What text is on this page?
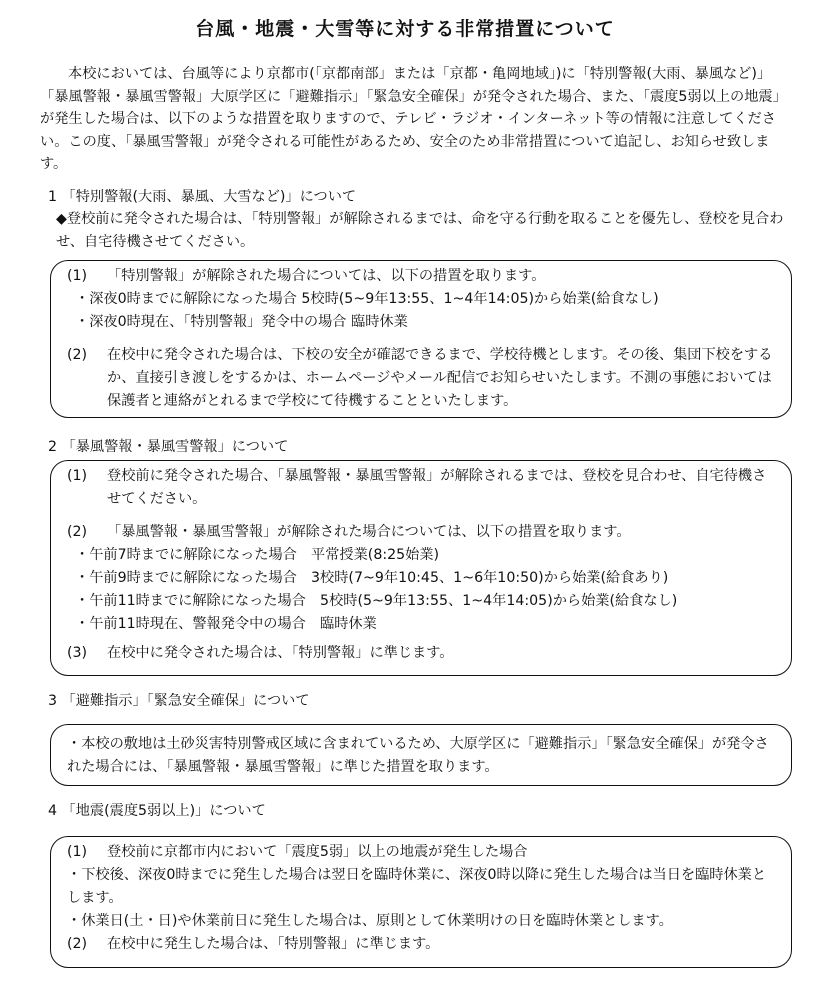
台風・地震・大雪等に対する非常措置について
本校においては、台風等により京都市(「京都南部」または「京都・亀岡地域」)に「特別警報(大雨、暴風など)」「暴風警報・暴風雪警報」大原学区に「避難指示」「緊急安全確保」が発令された場合、また、「震度5弱以上の地震」が発生した場合は、以下のような措置を取りますので、テレビ・ラジオ・インターネット等の情報に注意してください。この度、「暴風雪警報」が発令される可能性があるため、安全のため非常措置について追記し、お知らせ致します。
1 「特別警報(大雨、暴風、大雪など)」について
◆登校前に発令された場合は、「特別警報」が解除されるまでは、命を守る行動を取ることを優先し、登校を見合わせ、自宅待機させてください。
(1)	「特別警報」が解除された場合については、以下の措置を取ります。
・深夜0時までに解除になった場合 5校時(5~9年13:55、1~4年14:05)から始業(給食なし)
・深夜0時現在、「特別警報」発令中の場合 臨時休業
(2)	在校中に発令された場合は、下校の安全が確認できるまで、学校待機とします。その後、集団下校をするか、直接引き渡しをするかは、ホームページやメール配信でお知らせいたします。不測の事態においては保護者と連絡がとれるまで学校にて待機することといたします。
2 「暴風警報・暴風雪警報」について
(1)	登校前に発令された場合、「暴風警報・暴風雪警報」が解除されるまでは、登校を見合わせ、自宅待機させてください。
(2)	「暴風警報・暴風雪警報」が解除された場合については、以下の措置を取ります。
・午前7時までに解除になった場合　平常授業(8:25始業)
・午前9時までに解除になった場合　3校時(7~9年10:45、1~6年10:50)から始業(給食あり)
・午前11時までに解除になった場合　5校時(5~9年13:55、1~4年14:05)から始業(給食なし)
・午前11時現在、警報発令中の場合　臨時休業
(3)	在校中に発令された場合は、「特別警報」に準じます。
3 「避難指示」「緊急安全確保」について
・本校の敷地は土砂災害特別警戒区域に含まれているため、大原学区に「避難指示」「緊急安全確保」が発令された場合には、「暴風警報・暴風雪警報」に準じた措置を取ります。
4 「地震(震度5弱以上)」について
(1)	登校前に京都市内において「震度5弱」以上の地震が発生した場合
・下校後、深夜0時までに発生した場合は翌日を臨時休業に、深夜0時以降に発生した場合は当日を臨時休業とします。
・休業日(土・日)や休業前日に発生した場合は、原則として休業明けの日を臨時休業とします。
(2)	在校中に発生した場合は、「特別警報」に準じます。
